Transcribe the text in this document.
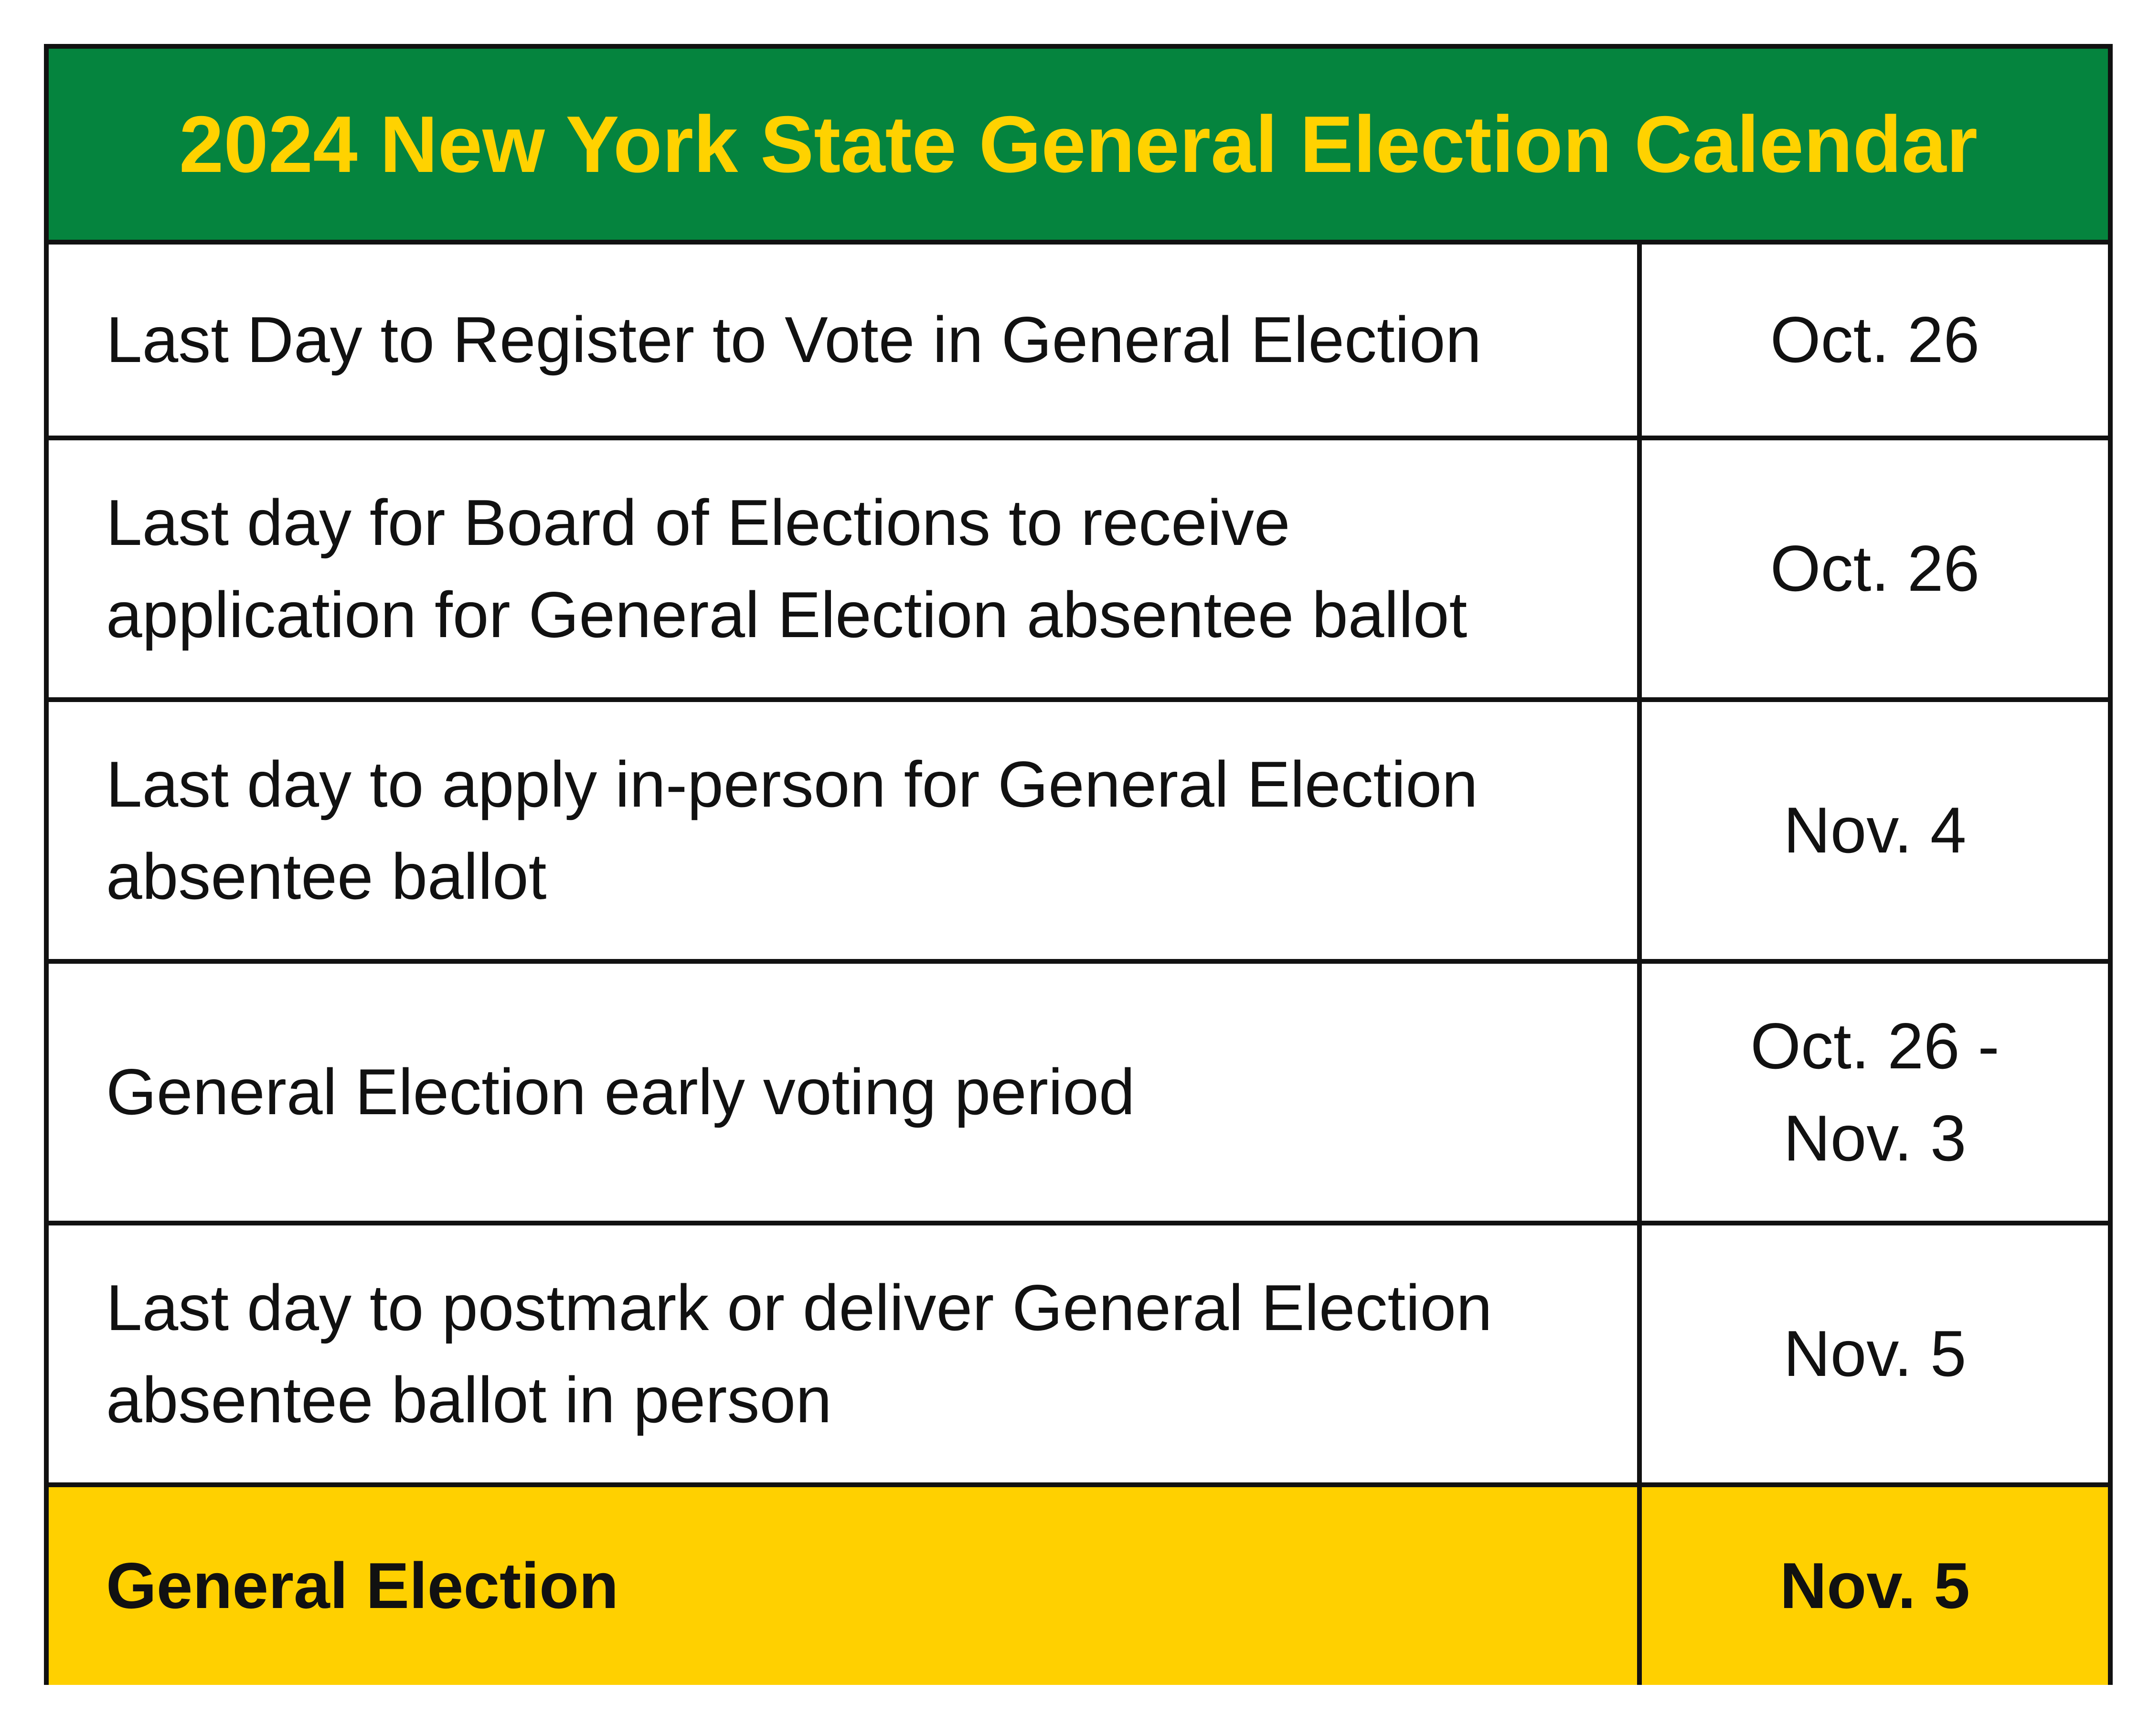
2024 New York State General Election Calendar
Last Day to Register to Vote in General Election	Oct. 26
Last day for Board of Elections to receive application for General Election absentee ballot
Oct. 26
Last day to apply in-person for General Election absentee ballot
Nov. 4
General Election early voting period
Oct. 26 - Nov. 3
Last day to postmark or deliver General Election absentee ballot in person
Nov. 5
General Election	Nov. 5
